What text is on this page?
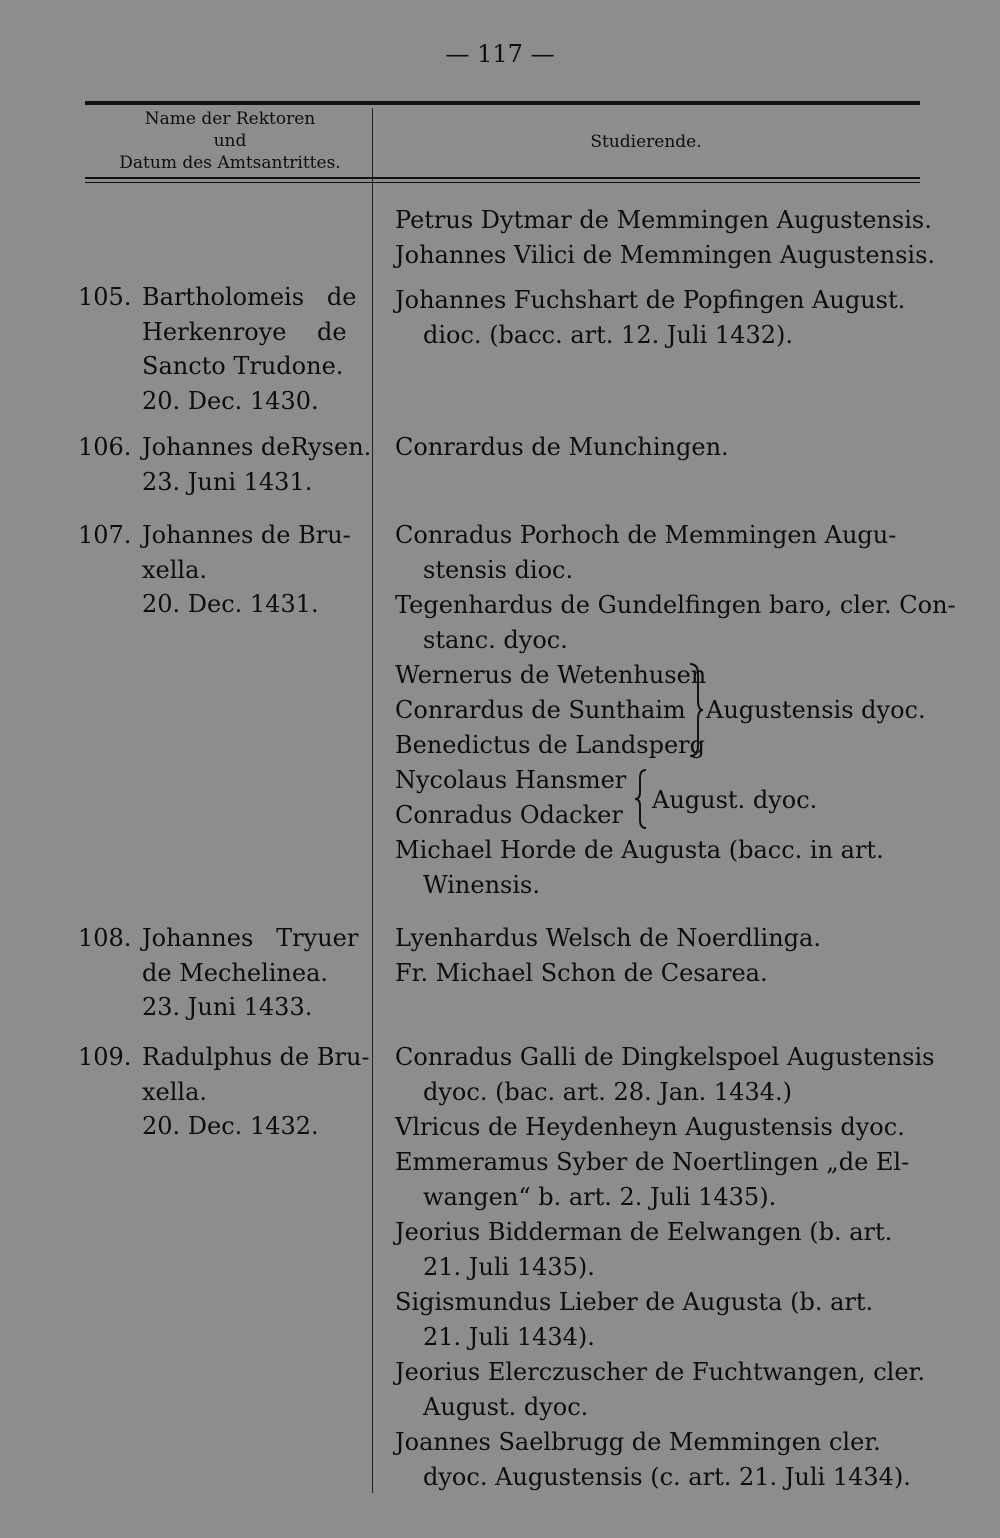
— 117 —
Name der Rektoren
und
Datum des Amtsantrittes.
Studierende.
105. Bartholomeis   de
Herkenroye    de
Sancto Trudone.
20. Dec. 1430.
106. Johannes deRysen.
23. Juni 1431.
107. Johannes de Bru-
xella.
20. Dec. 1431.
108. Johannes   Tryuer
de Mechelinea.
23. Juni 1433.
109. Radulphus de Bru-
xella.
20. Dec. 1432.
Petrus Dytmar de Memmingen Augustensis.
Johannes Vilici de Memmingen Augustensis.
Johannes Fuchshart de Popfingen August.
dioc. (bacc. art. 12. Juli 1432).
Conrardus de Munchingen.
Conradus Porhoch de Memmingen Augu-
stensis dioc.
Tegenhardus de Gundelfingen baro, cler. Con-
stanc. dyoc.
Wernerus de Wetenhusen
Conrardus de Sunthaim
Benedictus de Landsperg
Augustensis dyoc.
Nycolaus Hansmer
Conradus Odacker
August. dyoc.
Michael Horde de Augusta (bacc. in art.
Winensis.
Lyenhardus Welsch de Noerdlinga.
Fr. Michael Schon de Cesarea.
Conradus Galli de Dingkelspoel Augustensis
dyoc. (bac. art. 28. Jan. 1434.)
Vlricus de Heydenheyn Augustensis dyoc.
Emmeramus Syber de Noertlingen „de El-
wangen“ b. art. 2. Juli 1435).
Jeorius Bidderman de Eelwangen (b. art.
21. Juli 1435).
Sigismundus Lieber de Augusta (b. art.
21. Juli 1434).
Jeorius Elerczuscher de Fuchtwangen, cler.
August. dyoc.
Joannes Saelbrugg de Memmingen cler.
dyoc. Augustensis (c. art. 21. Juli 1434).
